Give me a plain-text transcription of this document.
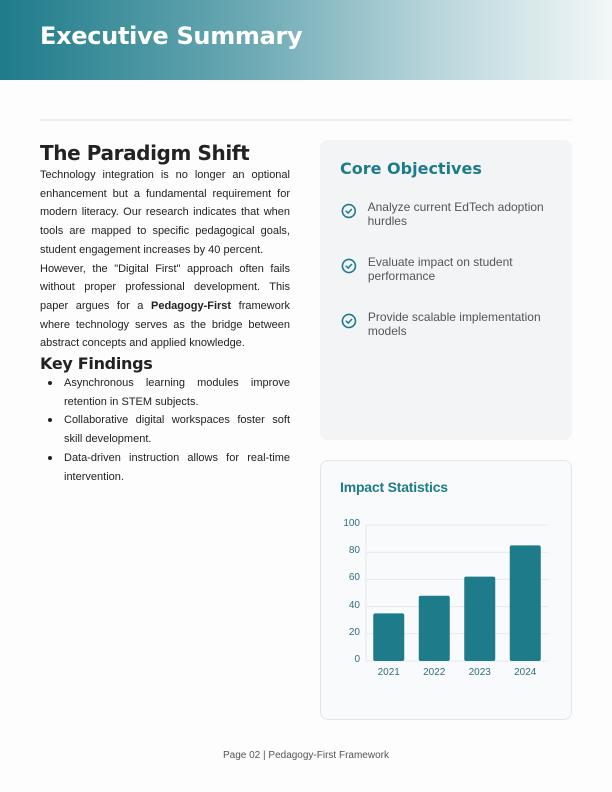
Executive Summary
The Paradigm Shift

Technology integration is no longer an optional enhancement but a fundamental requirement for modern literacy. Our research indicates that when tools are mapped to specific pedagogical goals, student engagement increases by 40 percent.

However, the "Digital First" approach often fails without proper professional development. This paper argues for a Pedagogy-First framework where technology serves as the bridge between abstract concepts and applied knowledge.

Key Findings
Asynchronous learning modules improve retention in STEM subjects.
Collaborative digital workspaces foster soft skill development.
Data-driven instruction allows for real-time intervention.
Core Objectives
Analyze current EdTech adoption hurdles
Evaluate impact on student performance
Provide scalable implementation models
Impact Statistics
0
20
40
60
80
100
2021	2022	2023	2024
Page 02 | Pedagogy-First Framework
